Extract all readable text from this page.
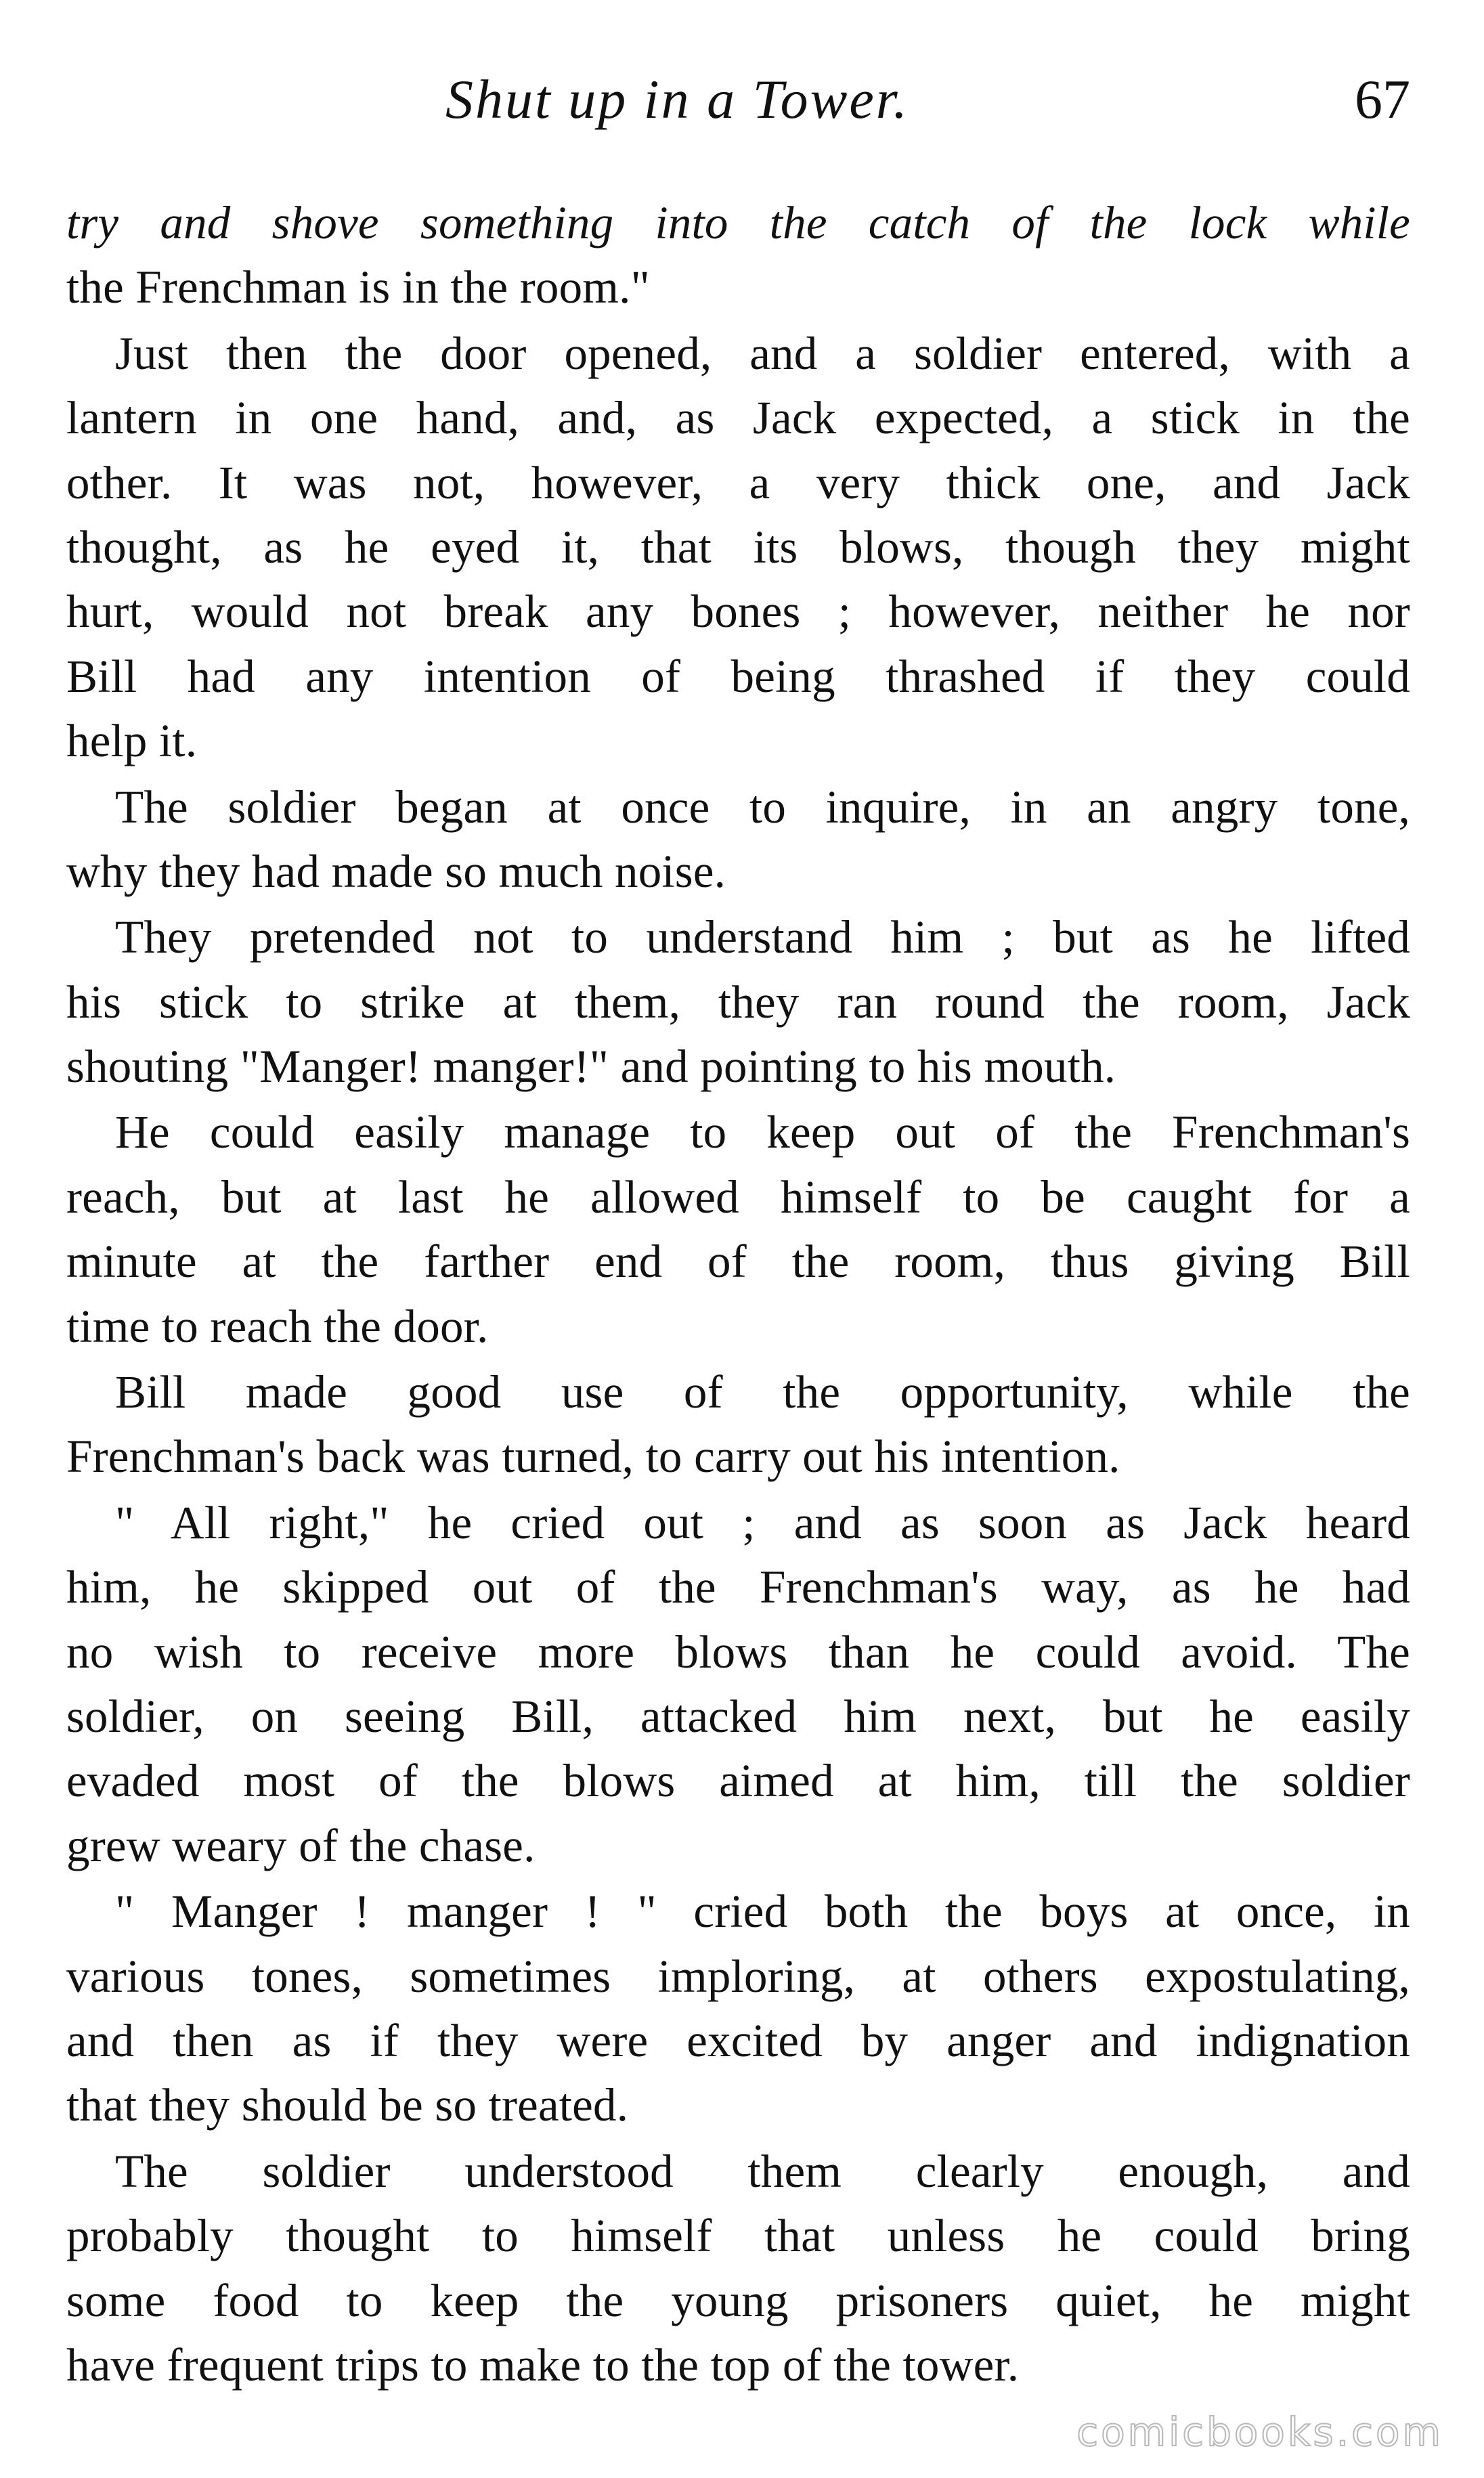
Shut up in a Tower.	67
try and shove something into the catch of the lock while
the Frenchman is in the room."
Just then the door opened, and a soldier entered, with a
lantern in one hand, and, as Jack expected, a stick in the
other. It was not, however, a very thick one, and Jack
thought, as he eyed it, that its blows, though they might
hurt, would not break any bones ; however, neither he nor
Bill had any intention of being thrashed if they could
help it.
The soldier began at once to inquire, in an angry tone,
why they had made so much noise.
They pretended not to understand him ; but as he lifted
his stick to strike at them, they ran round the room, Jack
shouting "Manger! manger!" and pointing to his mouth.
He could easily manage to keep out of the Frenchman's
reach, but at last he allowed himself to be caught for a
minute at the farther end of the room, thus giving Bill
time to reach the door.
Bill made good use of the opportunity, while the
Frenchman's back was turned, to carry out his intention.
" All right," he cried out ; and as soon as Jack heard
him, he skipped out of the Frenchman's way, as he had
no wish to receive more blows than he could avoid. The
soldier, on seeing Bill, attacked him next, but he easily
evaded most of the blows aimed at him, till the soldier
grew weary of the chase.
" Manger ! manger ! " cried both the boys at once, in
various tones, sometimes imploring, at others expostulating,
and then as if they were excited by anger and indignation
that they should be so treated.
The soldier understood them clearly enough, and
probably thought to himself that unless he could bring
some food to keep the young prisoners quiet, he might
have frequent trips to make to the top of the tower.
comicbooks.com
